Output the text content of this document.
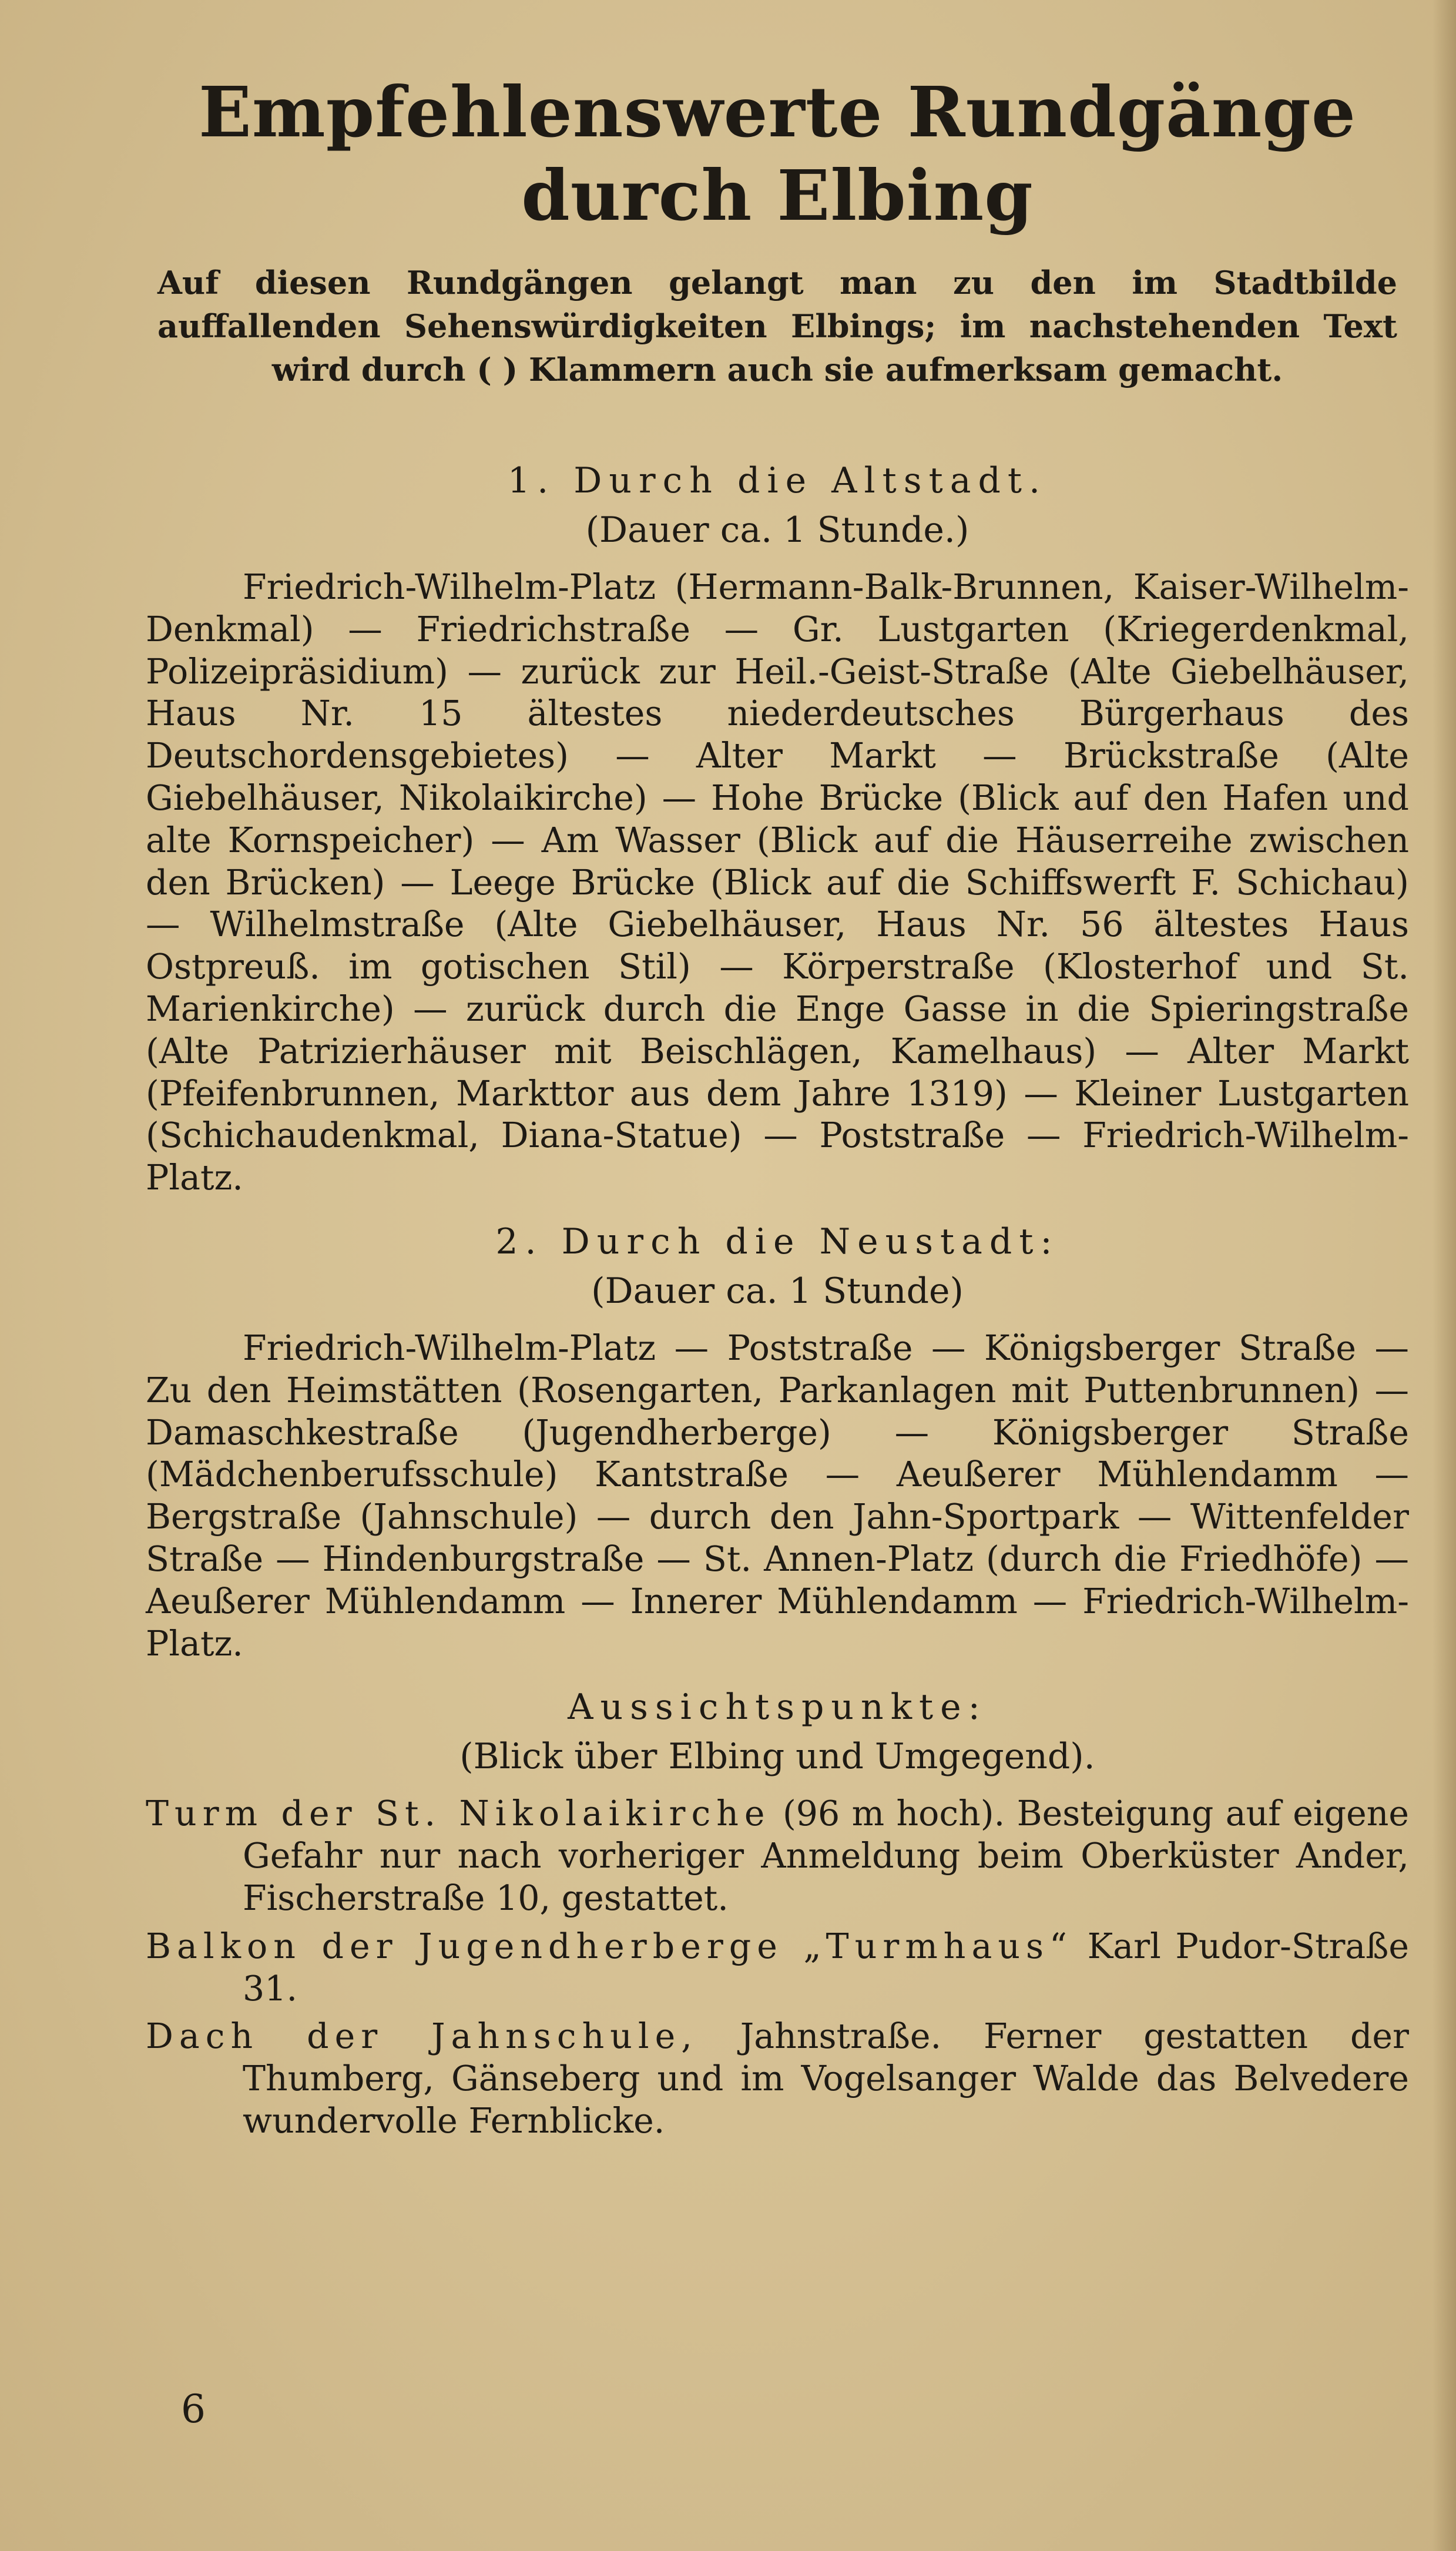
Empfehlenswerte Rundgänge durch Elbing

Auf diesen Rundgängen gelangt man zu den im Stadtbilde auffallenden Sehenswürdigkeiten Elbings; im nachstehenden Text wird durch ( ) Klammern auch sie aufmerksam gemacht.

1. Durch die Altstadt.

(Dauer ca. 1 Stunde.)

Friedrich-Wilhelm-Platz (Hermann-Balk-Brunnen, Kaiser-Wilhelm-Denkmal) — Friedrichstraße — Gr. Lustgarten (Kriegerdenkmal, Polizeipräsidium) — zurück zur Heil.-Geist-Straße (Alte Giebelhäuser, Haus Nr. 15 ältestes niederdeutsches Bürgerhaus des Deutschordensgebietes) — Alter Markt — Brückstraße (Alte Giebelhäuser, Nikolaikirche) — Hohe Brücke (Blick auf den Hafen und alte Kornspeicher) — Am Wasser (Blick auf die Häuserreihe zwischen den Brücken) — Leege Brücke (Blick auf die Schiffswerft F. Schichau) — Wilhelmstraße (Alte Giebelhäuser, Haus Nr. 56 ältestes Haus Ostpreuß. im gotischen Stil) — Körperstraße (Klosterhof und St. Marienkirche) — zurück durch die Enge Gasse in die Spieringstraße (Alte Patrizierhäuser mit Beischlägen, Kamelhaus) — Alter Markt (Pfeifenbrunnen, Markttor aus dem Jahre 1319) — Kleiner Lustgarten (Schichaudenkmal, Diana-Statue) — Poststraße — Friedrich-Wilhelm-Platz.

2. Durch die Neustadt:

(Dauer ca. 1 Stunde)

Friedrich-Wilhelm-Platz — Poststraße — Königsberger Straße — Zu den Heimstätten (Rosengarten, Parkanlagen mit Puttenbrunnen) — Damaschkestraße (Jugendherberge) — Königsberger Straße (Mädchenberufsschule) Kantstraße — Aeußerer Mühlendamm — Bergstraße (Jahnschule) — durch den Jahn-Sportpark — Wittenfelder Straße — Hindenburgstraße — St. Annen-Platz (durch die Friedhöfe) — Aeußerer Mühlendamm — Innerer Mühlendamm — Friedrich-Wilhelm-Platz.

Aussichtspunkte:

(Blick über Elbing und Umgegend).

Turm der St. Nikolaikirche (96 m hoch). Besteigung auf eigene Gefahr nur nach vorheriger Anmeldung beim Oberküster Ander, Fischerstraße 10, gestattet.

Balkon der Jugendherberge „Turmhaus“ Karl Pudor-Straße 31.

Dach der Jahnschule, Jahnstraße. Ferner gestatten der Thumberg, Gänseberg und im Vogelsanger Walde das Belvedere wundervolle Fernblicke.

6
